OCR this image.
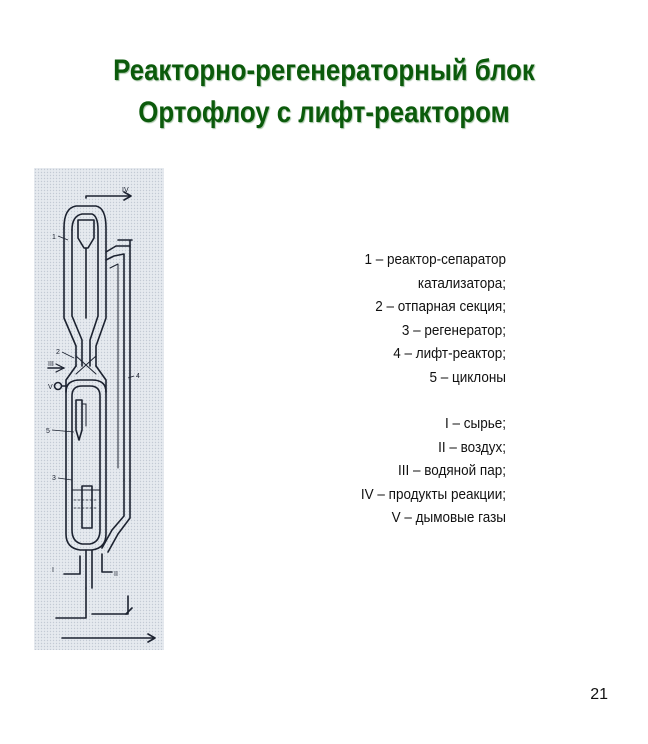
Реакторно-регенераторный блок
Ортофлоу с лифт-реактором
IV
1
2
III
V
5
4
3
I
II
1 – реактор-сепаратор
катализатора;
2 – отпарная секция;
3 – регенератор;
4 – лифт-реактор;
5 – циклоны
I – сырье;
II – воздух;
III – водяной пар;
IV – продукты реакции;
V – дымовые газы
21
